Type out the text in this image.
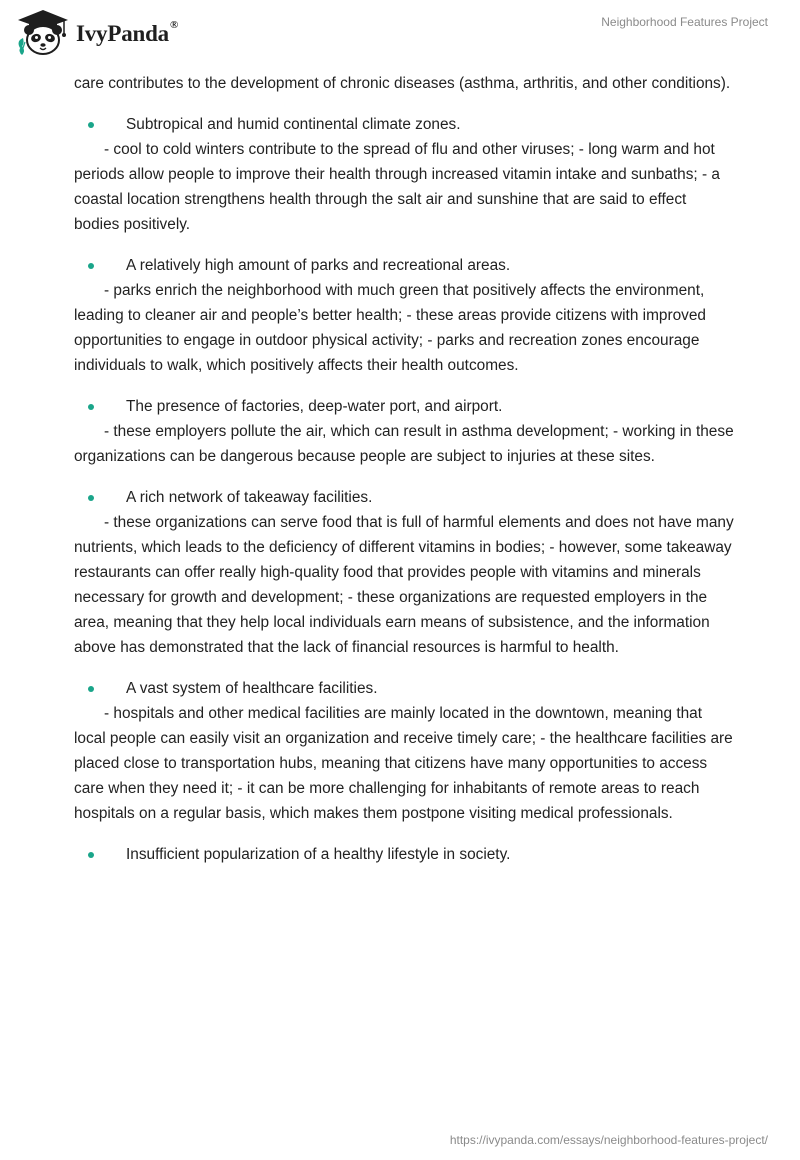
IvyPanda®	Neighborhood Features Project

care contributes to the development of chronic diseases (asthma, arthritis, and other conditions).

Subtropical and humid continental climate zones.

- cool to cold winters contribute to the spread of flu and other viruses; - long warm and hot periods allow people to improve their health through increased vitamin intake and sunbaths; - a coastal location strengthens health through the salt air and sunshine that are said to effect bodies positively.

A relatively high amount of parks and recreational areas.

- parks enrich the neighborhood with much green that positively affects the environment, leading to cleaner air and people’s better health; - these areas provide citizens with improved opportunities to engage in outdoor physical activity; - parks and recreation zones encourage individuals to walk, which positively affects their health outcomes.

The presence of factories, deep-water port, and airport.

- these employers pollute the air, which can result in asthma development; - working in these organizations can be dangerous because people are subject to injuries at these sites.

A rich network of takeaway facilities.

- these organizations can serve food that is full of harmful elements and does not have many nutrients, which leads to the deficiency of different vitamins in bodies; - however, some takeaway restaurants can offer really high-quality food that provides people with vitamins and minerals necessary for growth and development; - these organizations are requested employers in the area, meaning that they help local individuals earn means of subsistence, and the information above has demonstrated that the lack of financial resources is harmful to health.

A vast system of healthcare facilities.

- hospitals and other medical facilities are mainly located in the downtown, meaning that local people can easily visit an organization and receive timely care; - the healthcare facilities are placed close to transportation hubs, meaning that citizens have many opportunities to access care when they need it; - it can be more challenging for inhabitants of remote areas to reach hospitals on a regular basis, which makes them postpone visiting medical professionals.

Insufficient popularization of a healthy lifestyle in society.
https://ivypanda.com/essays/neighborhood-features-project/
